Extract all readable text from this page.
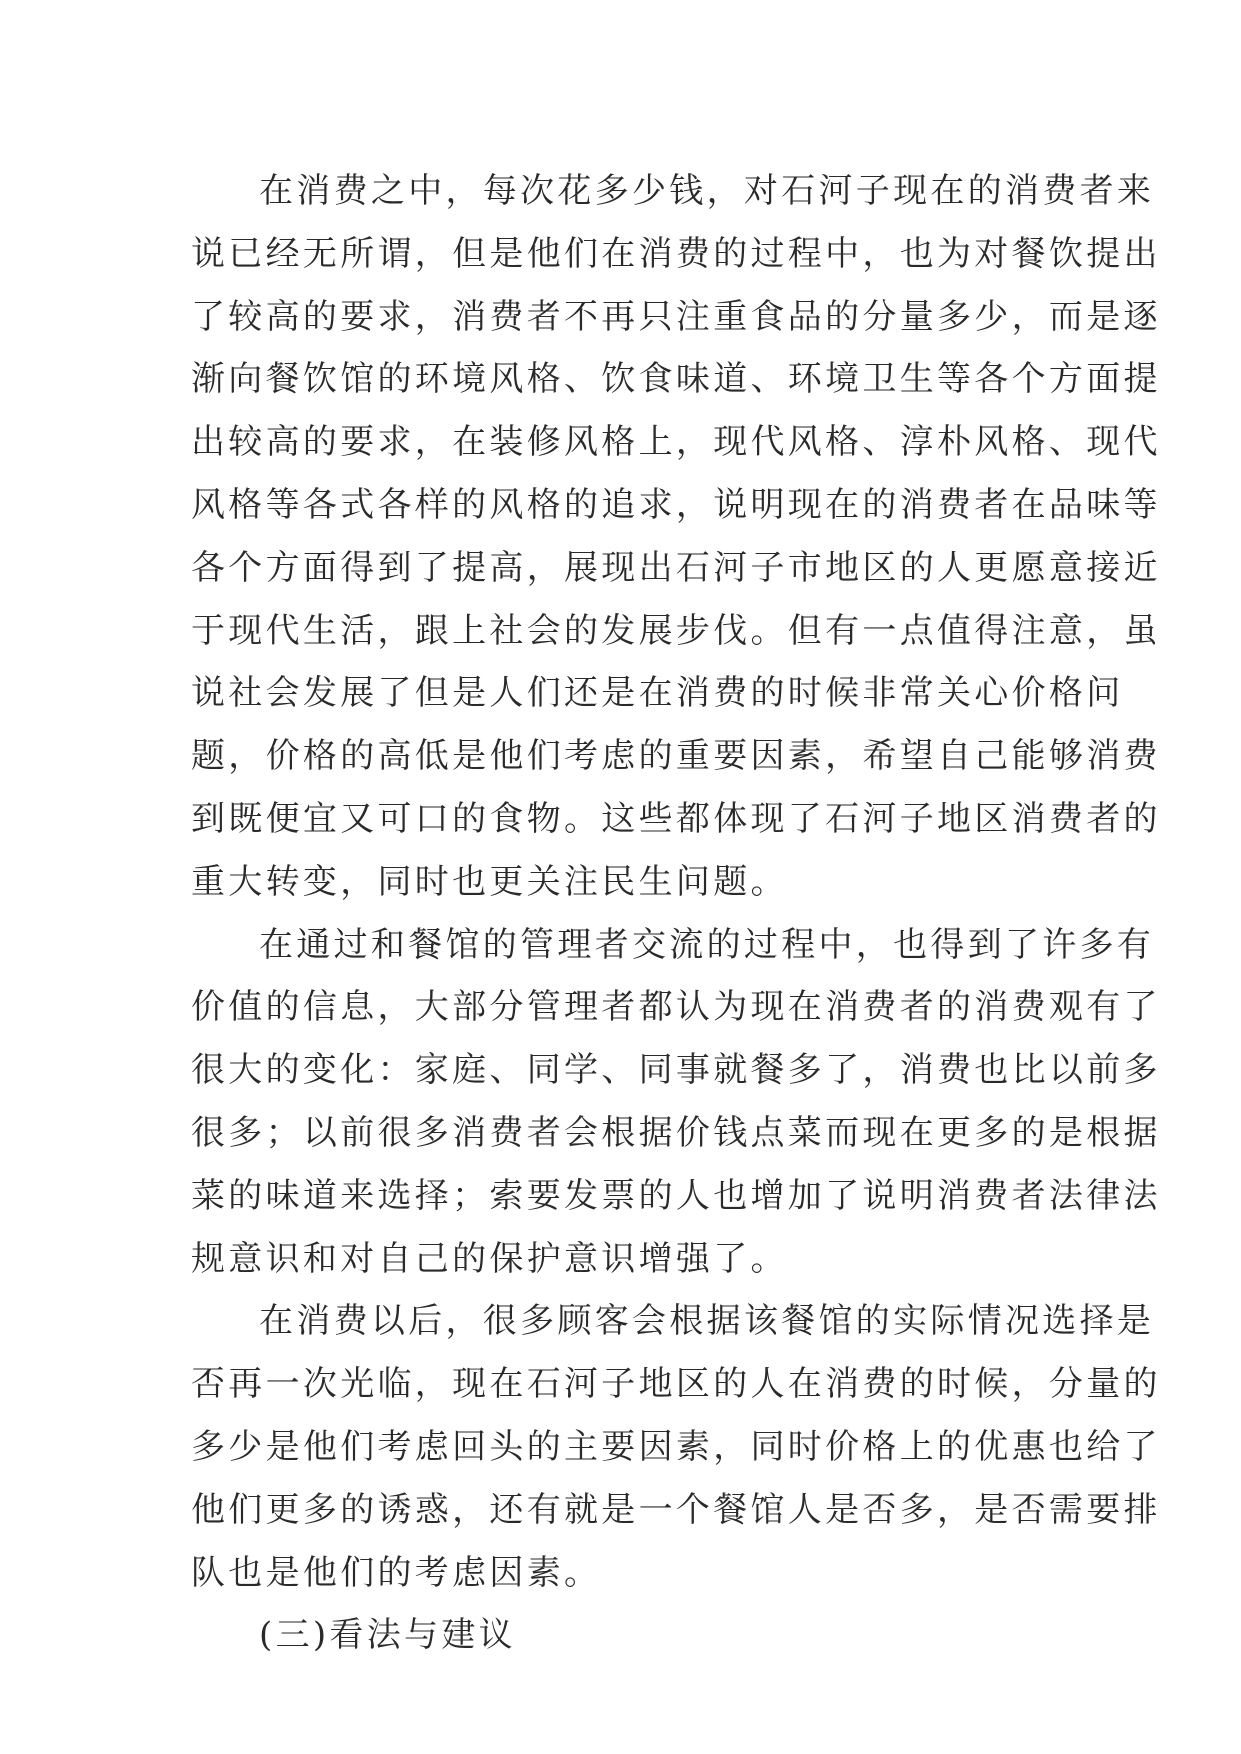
在消费之中，每次花多少钱，对石河子现在的消费者来
说已经无所谓，但是他们在消费的过程中，也为对餐饮提出
了较高的要求，消费者不再只注重食品的分量多少，而是逐
渐向餐饮馆的环境风格、饮食味道、环境卫生等各个方面提
出较高的要求，在装修风格上，现代风格、淳朴风格、现代
风格等各式各样的风格的追求，说明现在的消费者在品味等
各个方面得到了提高，展现出石河子市地区的人更愿意接近
于现代生活，跟上社会的发展步伐。但有一点值得注意，虽
说社会发展了但是人们还是在消费的时候非常关心价格问
题，价格的高低是他们考虑的重要因素，希望自己能够消费
到既便宜又可口的食物。这些都体现了石河子地区消费者的
重大转变，同时也更关注民生问题。
在通过和餐馆的管理者交流的过程中，也得到了许多有
价值的信息，大部分管理者都认为现在消费者的消费观有了
很大的变化：家庭、同学、同事就餐多了，消费也比以前多
很多；以前很多消费者会根据价钱点菜而现在更多的是根据
菜的味道来选择；索要发票的人也增加了说明消费者法律法
规意识和对自己的保护意识增强了。
在消费以后，很多顾客会根据该餐馆的实际情况选择是
否再一次光临，现在石河子地区的人在消费的时候，分量的
多少是他们考虑回头的主要因素，同时价格上的优惠也给了
他们更多的诱惑，还有就是一个餐馆人是否多，是否需要排
队也是他们的考虑因素。
(三)看法与建议
